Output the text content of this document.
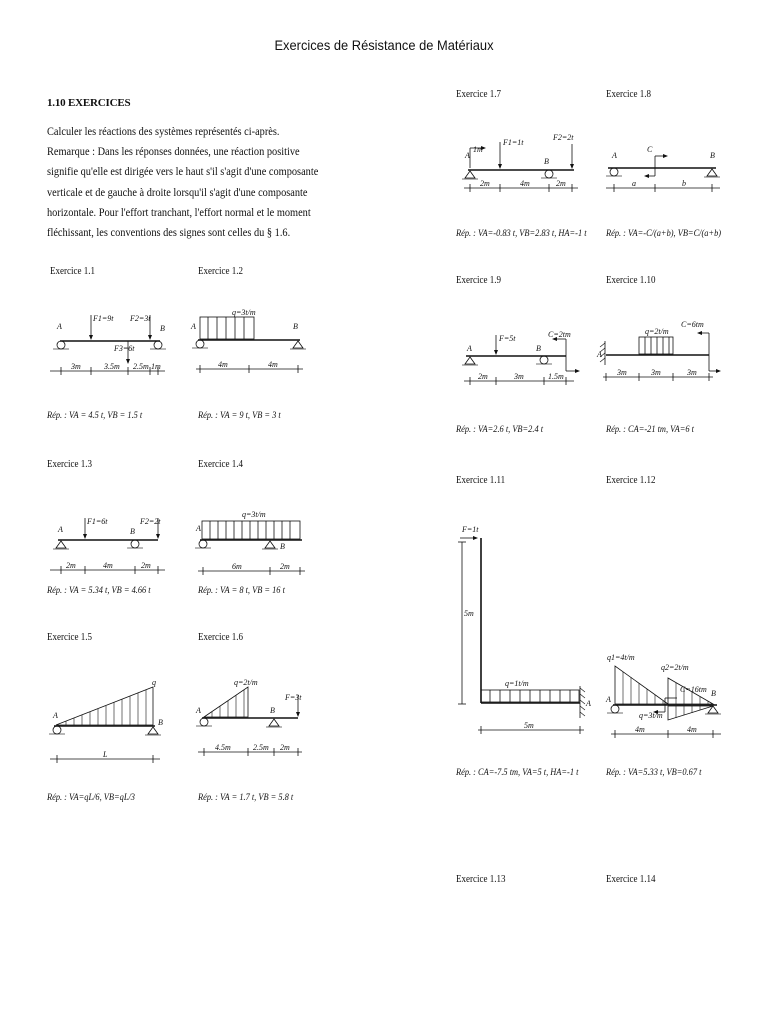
Exercices de Résistance de Matériaux
1.10 EXERCICES
Calculer les réactions des systèmes représentés ci-après.
Remarque : Dans les réponses données, une réaction positive
signifie qu'elle est dirigée vers le haut s'il s'agit d'une composante
verticale et de gauche à droite lorsqu'il s'agit d'une composante
horizontale. Pour l'effort tranchant, l'effort normal et le moment
fléchissant, les conventions des signes sont celles du § 1.6.
Exercice 1.1
A	B
F1=9t F2=3t
F3=6t
3m	3.5m 2.5m 1m
Rép. : VA = 4.5 t, VB = 1.5 t
Exercice 1.2
q=3t/m
A	B
4m	4m
Rép. : VA = 9 t, VB = 3 t
Exercice 1.3
A	B
F1=6t	F2=2t
2m	4m	2m
Rép. : VA = 5.34 t, VB = 4.66 t
Exercice 1.4
q=3t/m
A
B
6m	2m
Rép. : VA = 8 t, VB = 16 t
Exercice 1.5
A
B
q
L
Rép. : VA=qL/6, VB=qL/3
Exercice 1.6
q=2t/m
A	B
F=3t
4.5m	2.5m 2m
Rép. : VA = 1.7 t, VB = 5.8 t
Exercice 1.7
A
1m
F1=1t
F2=2t
B
2m	4m	2m
Rép. : VA=-0.83 t, VB=2.83 t, HA=-1 t
Exercice 1.8
A
C
B
a	b
Rép. : VA=-C/(a+b), VB=C/(a+b)
Exercice 1.9
A
F=5t
B
C=2tm
2m	3m	1.5m
Rép. : VA=2.6 t, VB=2.4 t
Exercice 1.10
q=2t/m
C=6tm
A
3m	3m	3m
Rép. : CA=-21 tm, VA=6 t
Exercice 1.11
F=1t
5m
q=1t/m
A
5m
Rép. : CA=-7.5 tm, VA=5 t, HA=-1 t
Exercice 1.12
q1=4t/m
q2=2t/m
C=16tm B
A
q=3t/m
4m	4m
Rép. : VA=5.33 t, VB=0.67 t
Exercice 1.13	Exercice 1.14
